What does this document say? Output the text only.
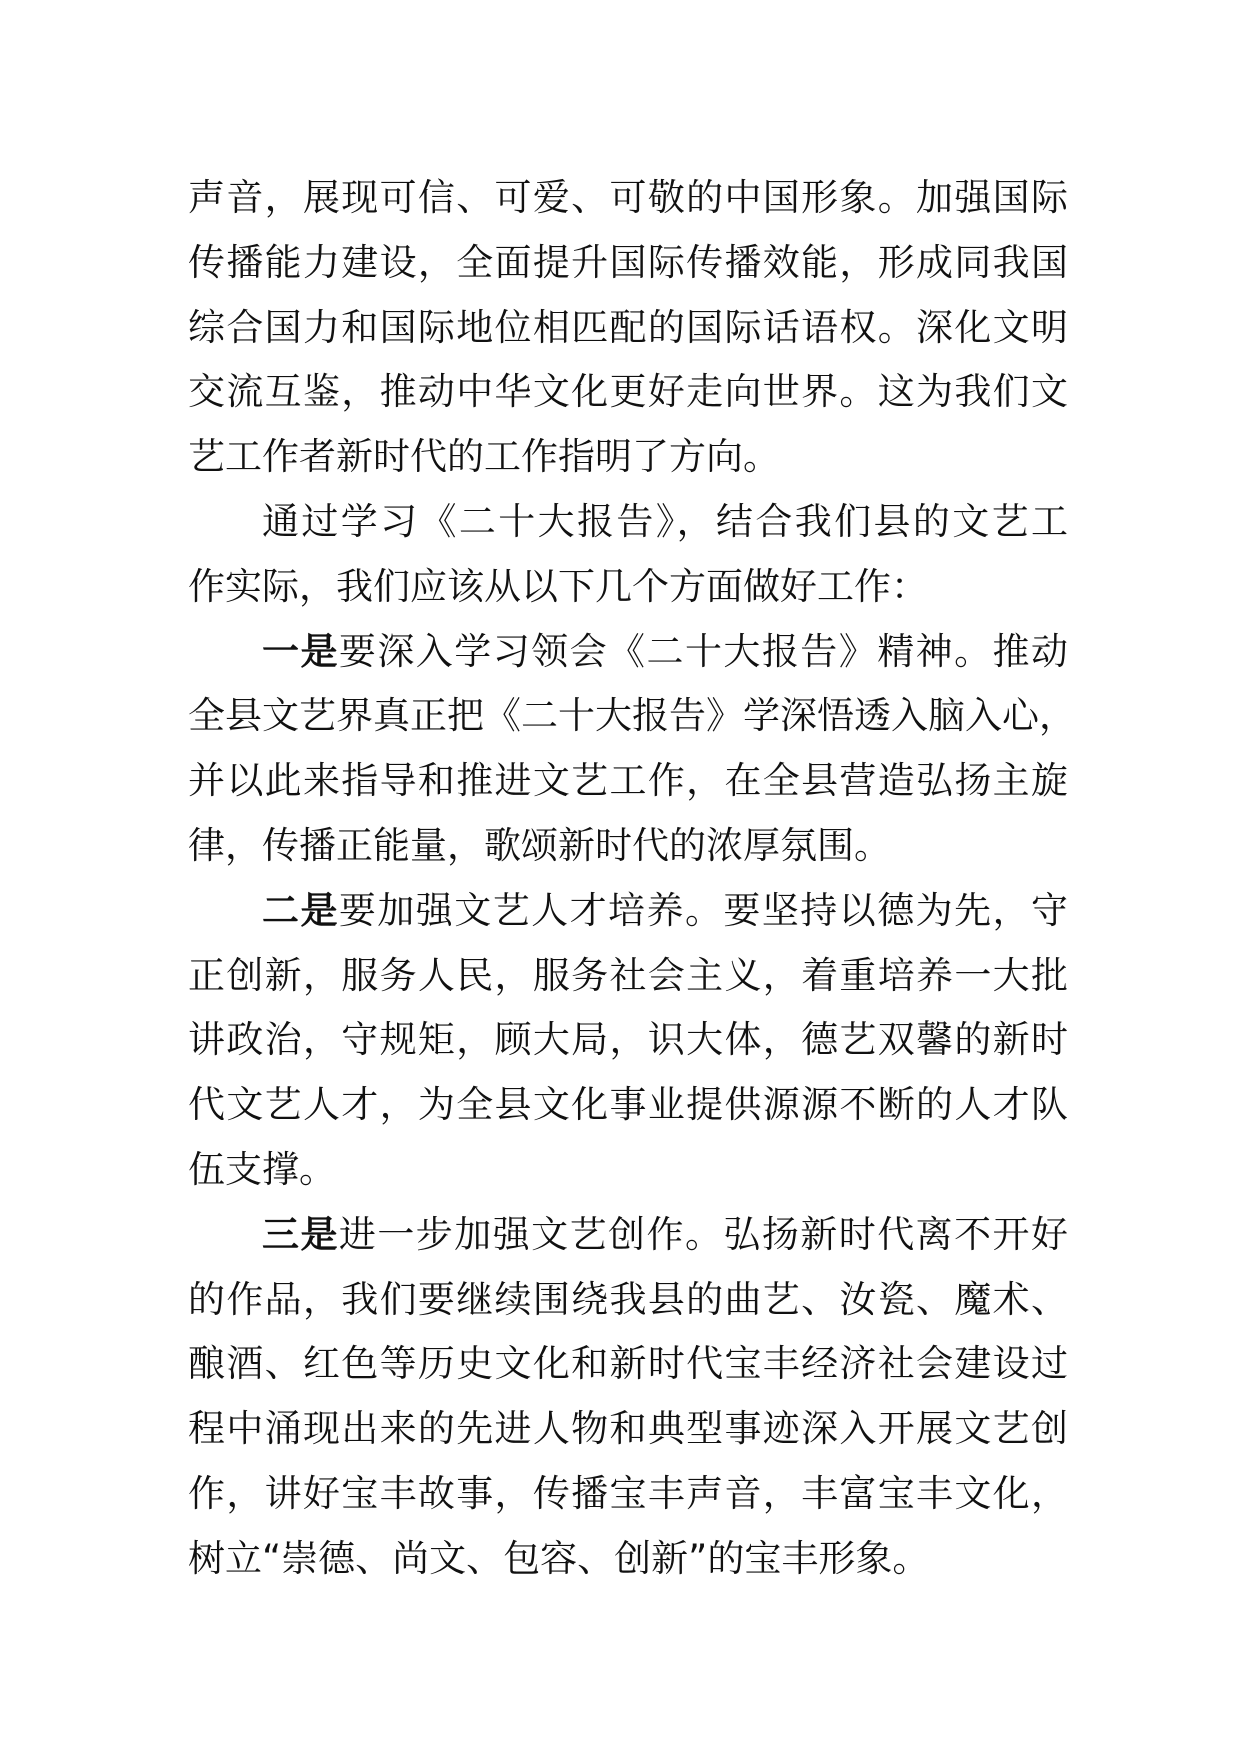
声音，展现可信、可爱、可敬的中国形象。加强国际
传播能力建设，全面提升国际传播效能，形成同我国
综合国力和国际地位相匹配的国际话语权。深化文明
交流互鉴，推动中华文化更好走向世界。这为我们文
艺工作者新时代的工作指明了方向。
通过学习《二十大报告》，结合我们县的文艺工
作实际，我们应该从以下几个方面做好工作：
一是要深入学习领会《二十大报告》精神。推动
全县文艺界真正把《二十大报告》学深悟透入脑入心，
并以此来指导和推进文艺工作，在全县营造弘扬主旋
律，传播正能量，歌颂新时代的浓厚氛围。
二是要加强文艺人才培养。要坚持以德为先，守
正创新，服务人民，服务社会主义，着重培养一大批
讲政治，守规矩，顾大局，识大体，德艺双馨的新时
代文艺人才，为全县文化事业提供源源不断的人才队
伍支撑。
三是进一步加强文艺创作。弘扬新时代离不开好
的作品，我们要继续围绕我县的曲艺、汝瓷、魔术、
酿酒、红色等历史文化和新时代宝丰经济社会建设过
程中涌现出来的先进人物和典型事迹深入开展文艺创
作，讲好宝丰故事，传播宝丰声音，丰富宝丰文化，
树立“崇德、尚文、包容、创新”的宝丰形象。
